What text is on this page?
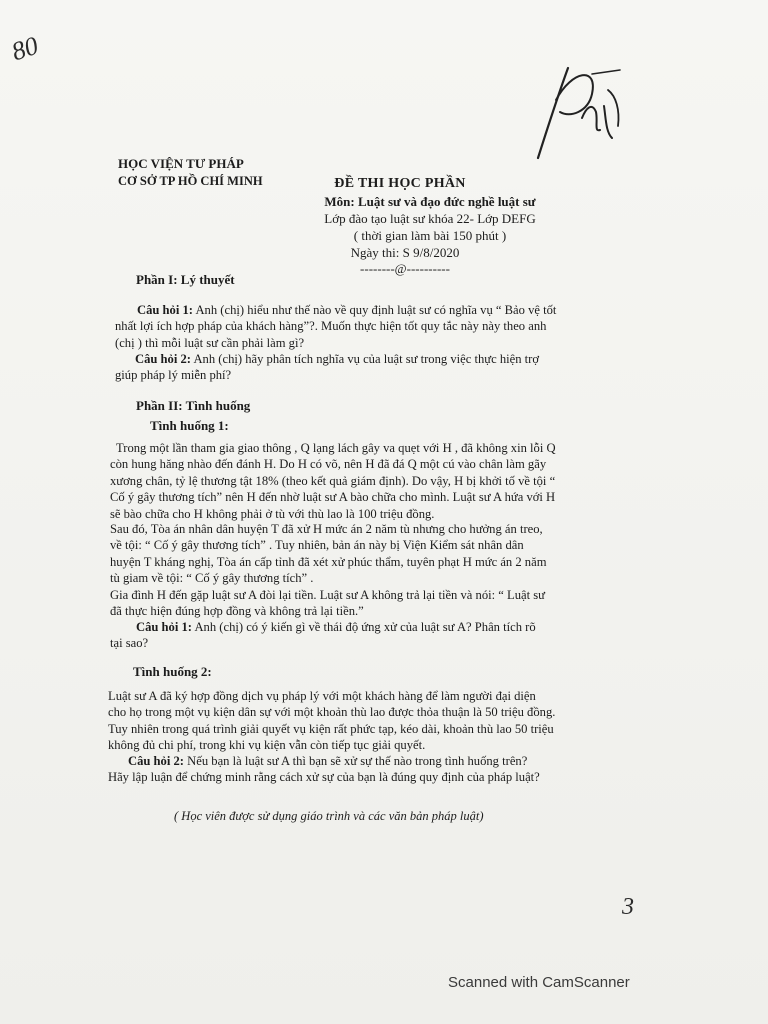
80
HỌC VIỆN TƯ PHÁP
CƠ SỞ TP HỒ CHÍ MINH	ĐỀ THI HỌC PHẦN
Môn: Luật sư và đạo đức nghề luật sư
Lớp đào tạo luật sư khóa 22- Lớp DEFG
( thời gian làm bài 150 phút )
Ngày thi: S 9/8/2020
--------@----------
Phần I: Lý thuyết
Câu hỏi 1: Anh (chị) hiểu như thế nào về quy định luật sư có nghĩa vụ “ Bảo vệ tốt
nhất lợi ích hợp pháp của khách hàng”?. Muốn thực hiện tốt quy tắc này này theo anh
(chị ) thì mỗi luật sư cần phải làm gì?
Câu hỏi 2: Anh (chị) hãy phân tích nghĩa vụ của luật sư trong việc thực hiện trợ
giúp pháp lý miễn phí?
Phần II: Tình huống
Tình huống 1:
Trong một lần tham gia giao thông , Q lạng lách gây va quẹt với H , đã không xin lỗi Q
còn hung hăng nhào đến đánh H. Do H có võ, nên H đã đá Q một cú vào chân làm gãy
xương chân, tỷ lệ thương tật 18% (theo kết quả giám định). Do vậy, H bị khởi tố về tội “
Cố ý gây thương tích” nên H đến nhờ luật sư A bào chữa cho mình. Luật sư A hứa với H
sẽ bào chữa cho H không phải ở tù với thù lao là 100 triệu đồng.
Sau đó, Tòa án nhân dân huyện T đã xử H mức án 2 năm tù nhưng cho hưởng án treo,
về tội: “ Cố ý gây thương tích” . Tuy nhiên, bản án này bị Viện Kiểm sát nhân dân
huyện T kháng nghị, Tòa án cấp tỉnh đã xét xử phúc thẩm, tuyên phạt H mức án 2 năm
tù giam về tội: “ Cố ý gây thương tích” .
Gia đình H đến gặp luật sư A đòi lại tiền. Luật sư A không trả lại tiền và nói: “ Luật sư
đã thực hiện đúng hợp đồng và không trả lại tiền.”
Câu hỏi 1: Anh (chị) có ý kiến gì về thái độ ứng xử của luật sư A? Phân tích rõ
tại sao?
Tình huống 2:
Luật sư A đã ký hợp đồng dịch vụ pháp lý với một khách hàng để làm người đại diện
cho họ trong một vụ kiện dân sự với một khoản thù lao được thỏa thuận là 50 triệu đồng.
Tuy nhiên trong quá trình giải quyết vụ kiện rất phức tạp, kéo dài, khoản thù lao 50 triệu
không đủ chi phí, trong khi vụ kiện vẫn còn tiếp tục giải quyết.
Câu hỏi 2: Nếu bạn là luật sư A thì bạn sẽ xử sự thế nào trong tình huống trên?
Hãy lập luận để chứng minh rằng cách xử sự của bạn là đúng quy định của pháp luật?
( Học viên được sử dụng giáo trình và các văn bản pháp luật)
3
Scanned with CamScanner
